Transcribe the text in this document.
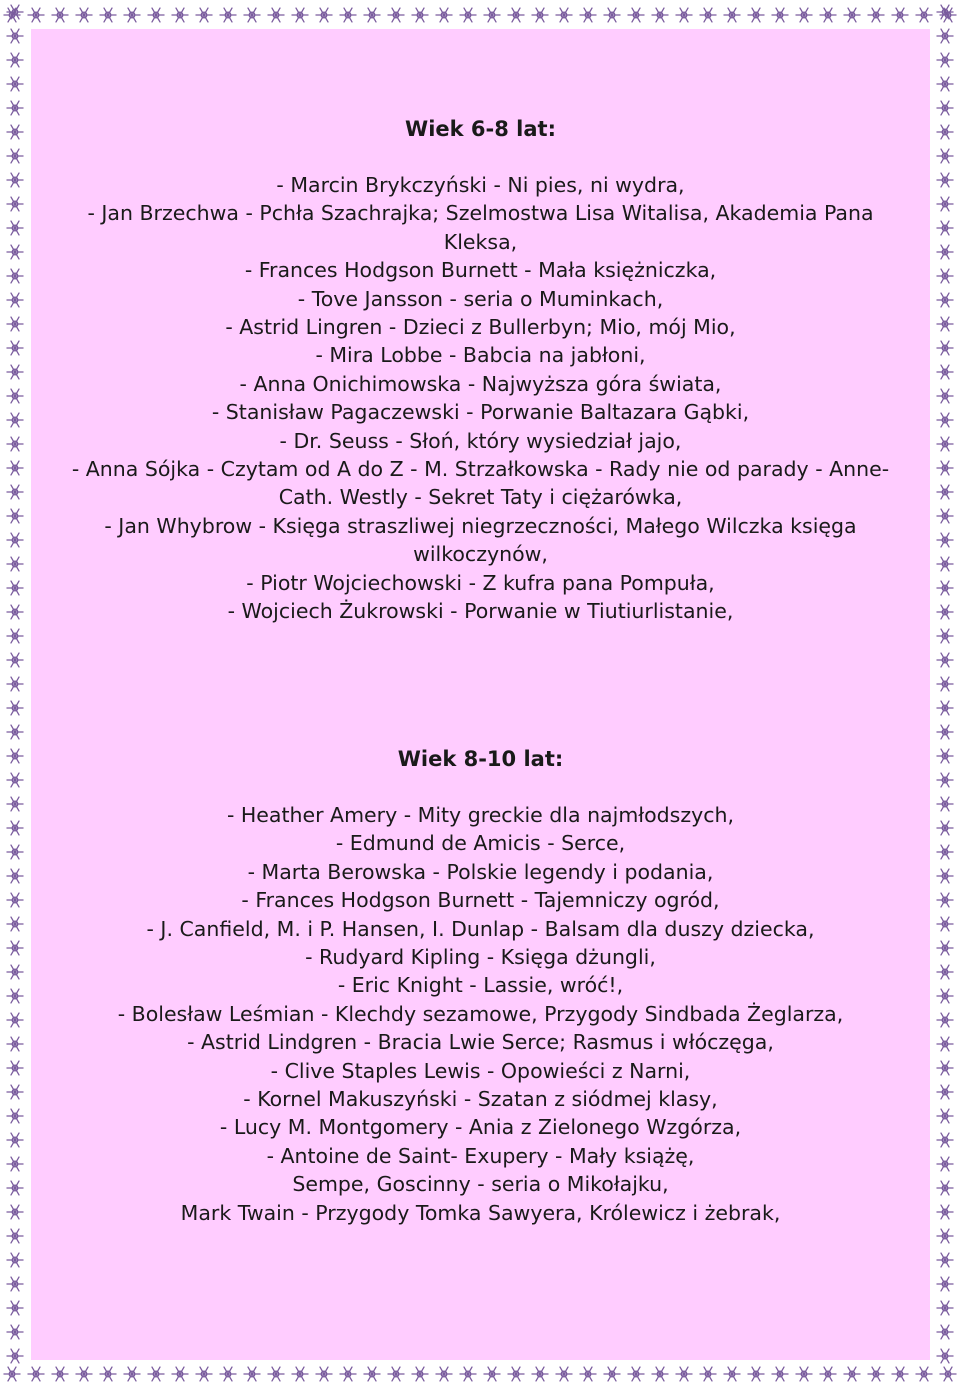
Wiek 6-8 lat:
- Marcin Brykczyński - Ni pies, ni wydra,
- Jan Brzechwa - Pchła Szachrajka; Szelmostwa Lisa Witalisa, Akademia Pana Kleksa,
- Frances Hodgson Burnett - Mała księżniczka,
- Tove Jansson - seria o Muminkach,
- Astrid Lingren - Dzieci z Bullerbyn; Mio, mój Mio,
- Mira Lobbe - Babcia na jabłoni,
- Anna Onichimowska - Najwyższa góra świata,
- Stanisław Pagaczewski - Porwanie Baltazara Gąbki,
- Dr. Seuss - Słoń, który wysiedział jajo,
- Anna Sójka - Czytam od A do Z - M. Strzałkowska - Rady nie od parady - Anne-Cath. Westly - Sekret Taty i ciężarówka,
- Jan Whybrow - Księga straszliwej niegrzeczności, Małego Wilczka księga wilkoczynów,
- Piotr Wojciechowski - Z kufra pana Pompuła,
- Wojciech Żukrowski - Porwanie w Tiutiurlistanie,
Wiek 8-10 lat:
- Heather Amery - Mity greckie dla najmłodszych,
- Edmund de Amicis - Serce,
- Marta Berowska - Polskie legendy i podania,
- Frances Hodgson Burnett - Tajemniczy ogród,
- J. Canfield, M. i P. Hansen, I. Dunlap - Balsam dla duszy dziecka,
- Rudyard Kipling - Księga dżungli,
- Eric Knight - Lassie, wróć!,
- Bolesław Leśmian - Klechdy sezamowe, Przygody Sindbada Żeglarza,
- Astrid Lindgren - Bracia Lwie Serce; Rasmus i włóczęga,
- Clive Staples Lewis - Opowieści z Narni,
- Kornel Makuszyński - Szatan z siódmej klasy,
- Lucy M. Montgomery - Ania z Zielonego Wzgórza,
- Antoine de Saint- Exupery - Mały książę,
Sempe, Goscinny - seria o Mikołajku,
Mark Twain - Przygody Tomka Sawyera, Królewicz i żebrak,
